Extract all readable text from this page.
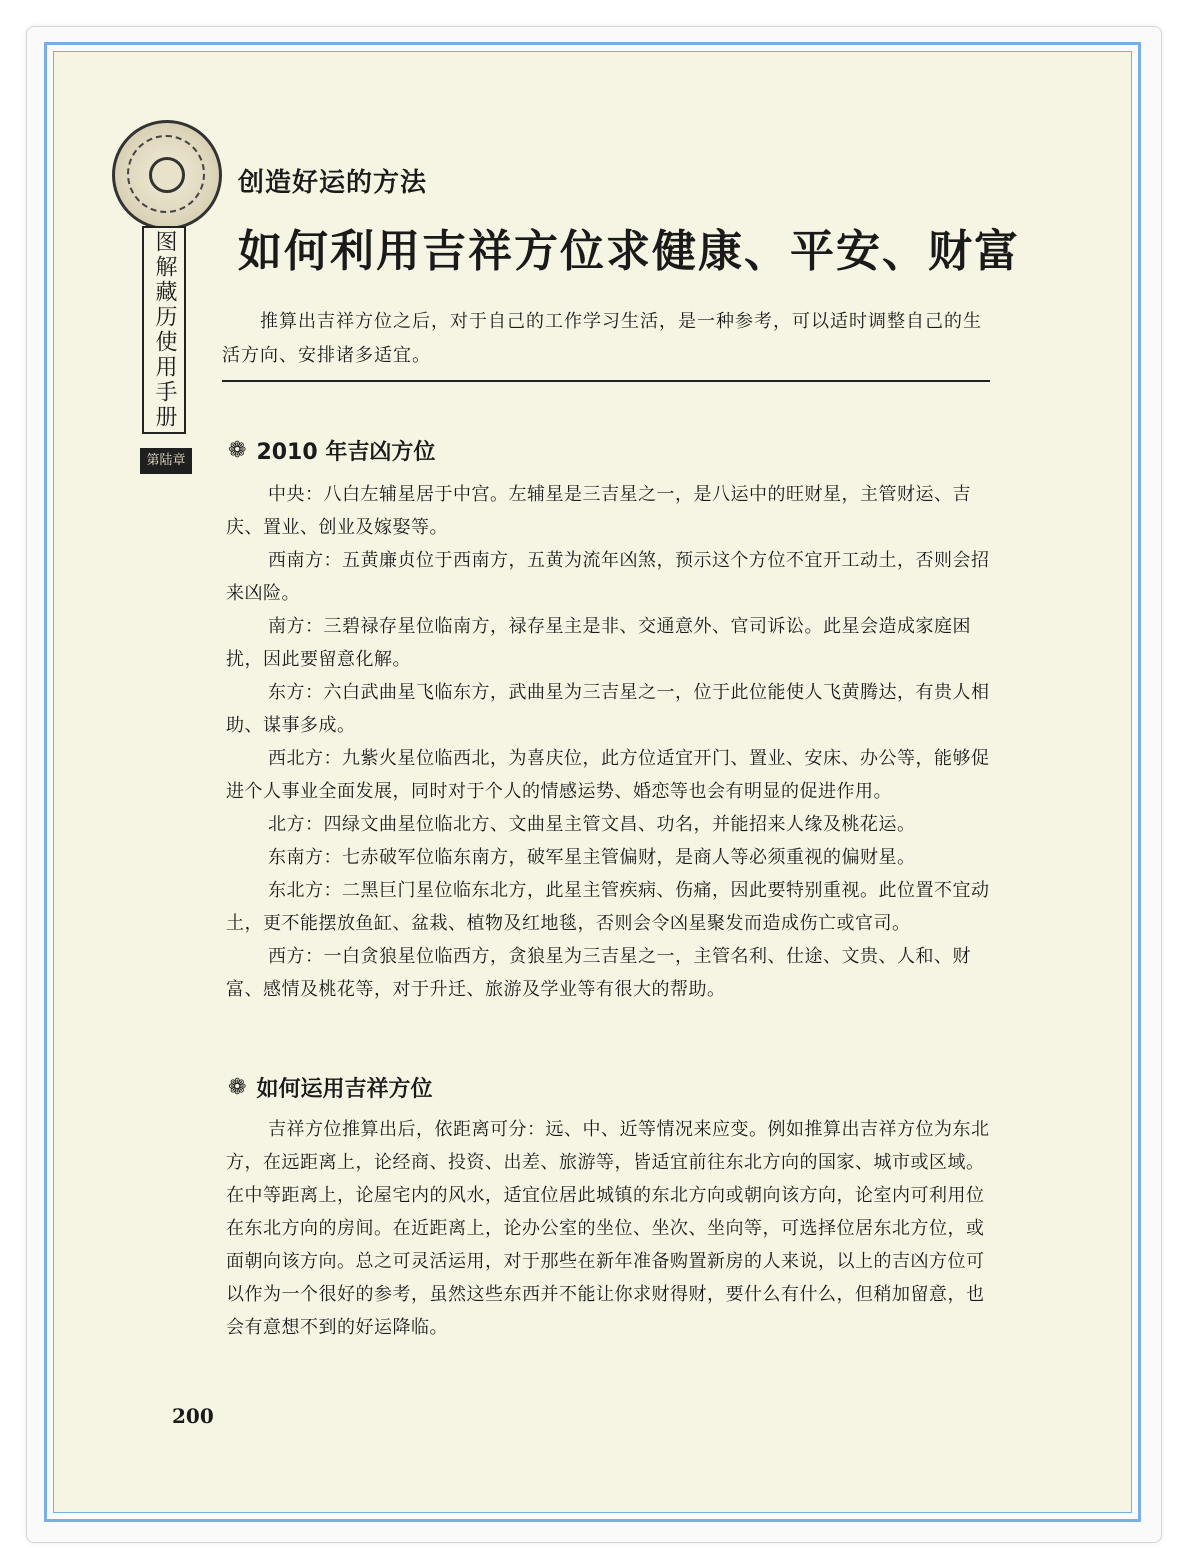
图解藏历使用手册
第陆章
创造好运的方法
如何利用吉祥方位求健康、平安、财富
推算出吉祥方位之后，对于自己的工作学习生活，是一种参考，可以适时调整自己的生活方向、安排诸多适宜。
❁ 2010 年吉凶方位

中央：八白左辅星居于中宫。左辅星是三吉星之一，是八运中的旺财星，主管财运、吉庆、置业、创业及嫁娶等。

西南方：五黄廉贞位于西南方，五黄为流年凶煞，预示这个方位不宜开工动土，否则会招来凶险。

南方：三碧禄存星位临南方，禄存星主是非、交通意外、官司诉讼。此星会造成家庭困扰，因此要留意化解。

东方：六白武曲星飞临东方，武曲星为三吉星之一，位于此位能使人飞黄腾达，有贵人相助、谋事多成。

西北方：九紫火星位临西北，为喜庆位，此方位适宜开门、置业、安床、办公等，能够促进个人事业全面发展，同时对于个人的情感运势、婚恋等也会有明显的促进作用。

北方：四绿文曲星位临北方、文曲星主管文昌、功名，并能招来人缘及桃花运。

东南方：七赤破军位临东南方，破军星主管偏财，是商人等必须重视的偏财星。

东北方：二黑巨门星位临东北方，此星主管疾病、伤痛，因此要特别重视。此位置不宜动土，更不能摆放鱼缸、盆栽、植物及红地毯，否则会令凶星聚发而造成伤亡或官司。

西方：一白贪狼星位临西方，贪狼星为三吉星之一，主管名利、仕途、文贵、人和、财富、感情及桃花等，对于升迁、旅游及学业等有很大的帮助。

❁ 如何运用吉祥方位

吉祥方位推算出后，依距离可分：远、中、近等情况来应变。例如推算出吉祥方位为东北方，在远距离上，论经商、投资、出差、旅游等，皆适宜前往东北方向的国家、城市或区域。在中等距离上，论屋宅内的风水，适宜位居此城镇的东北方向或朝向该方向，论室内可利用位在东北方向的房间。在近距离上，论办公室的坐位、坐次、坐向等，可选择位居东北方位，或面朝向该方向。总之可灵活运用，对于那些在新年准备购置新房的人来说，以上的吉凶方位可以作为一个很好的参考，虽然这些东西并不能让你求财得财，要什么有什么，但稍加留意，也会有意想不到的好运降临。

200
